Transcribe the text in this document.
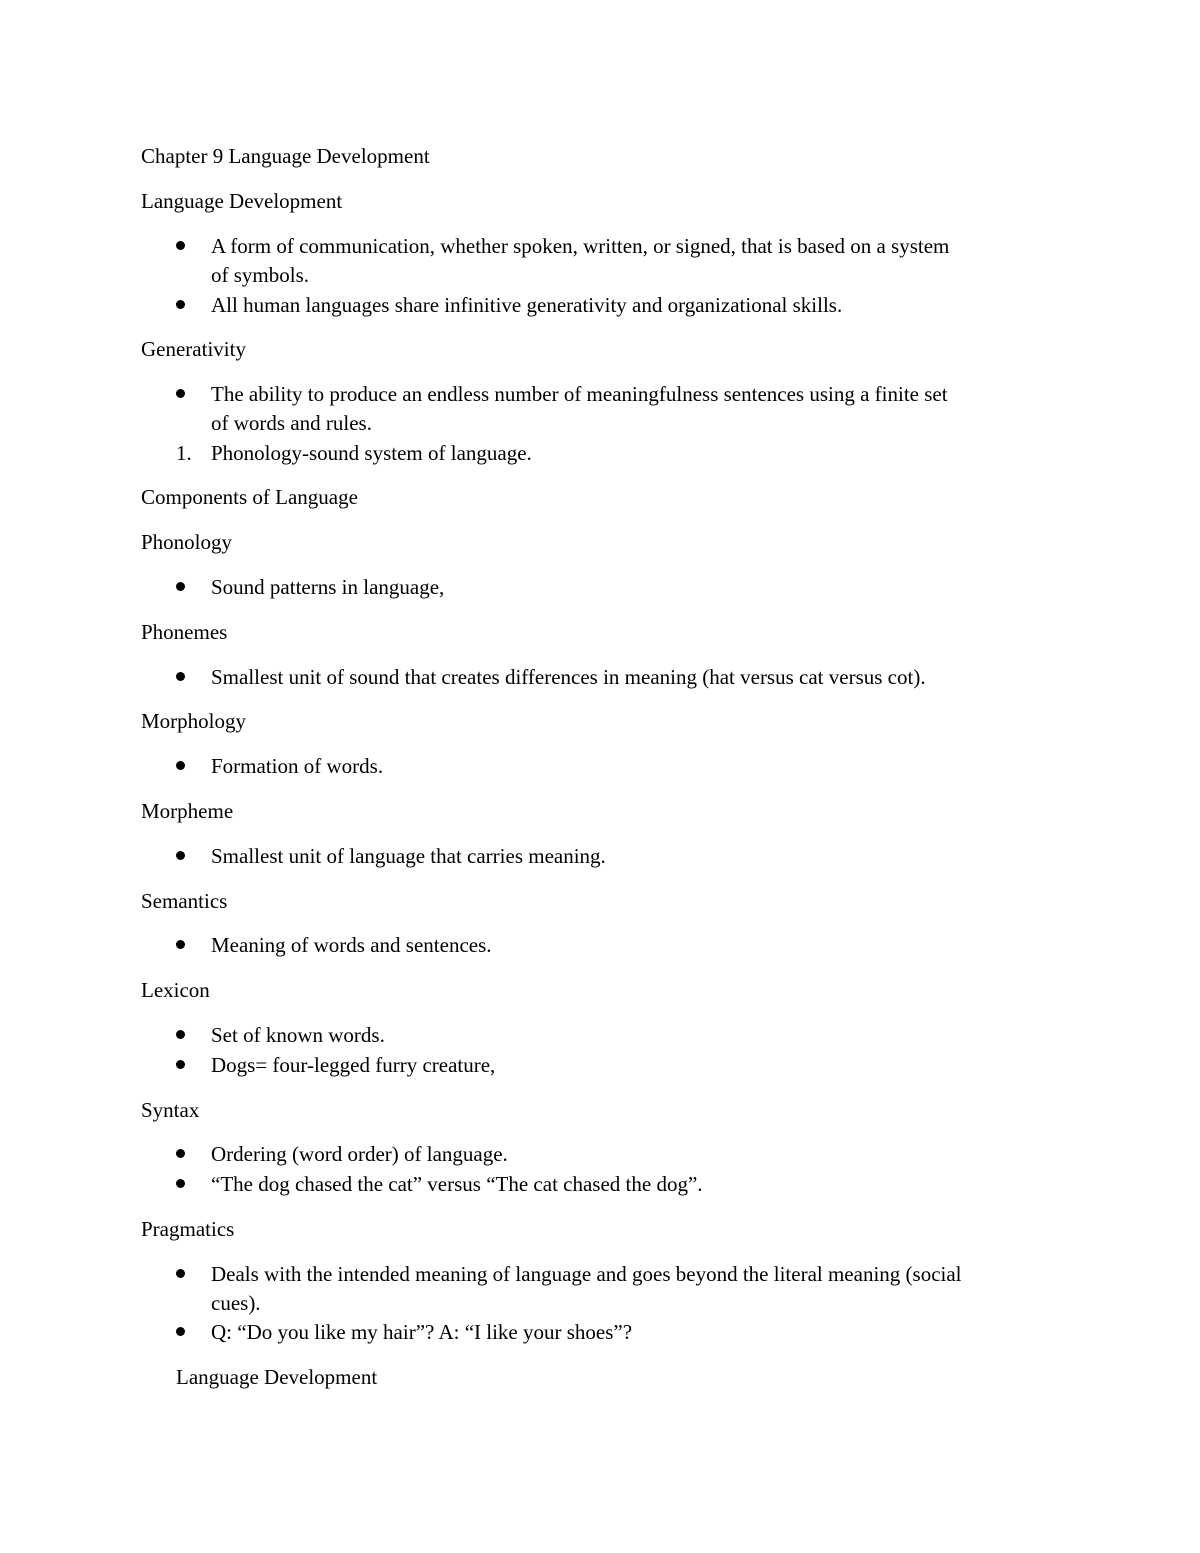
Chapter 9 Language Development
Language Development
A form of communication, whether spoken, written, or signed, that is based on a system
of symbols.
All human languages share infinitive generativity and organizational skills.
Generativity
The ability to produce an endless number of meaningfulness sentences using a finite set
of words and rules.
1. Phonology-sound system of language.
Components of Language
Phonology
Sound patterns in language,
Phonemes
Smallest unit of sound that creates differences in meaning (hat versus cat versus cot).
Morphology
Formation of words.
Morpheme
Smallest unit of language that carries meaning.
Semantics
Meaning of words and sentences.
Lexicon
Set of known words.
Dogs= four-legged furry creature,
Syntax
Ordering (word order) of language.
“The dog chased the cat” versus “The cat chased the dog”.
Pragmatics
Deals with the intended meaning of language and goes beyond the literal meaning (social
cues).
Q: “Do you like my hair”? A: “I like your shoes”?
Language Development
